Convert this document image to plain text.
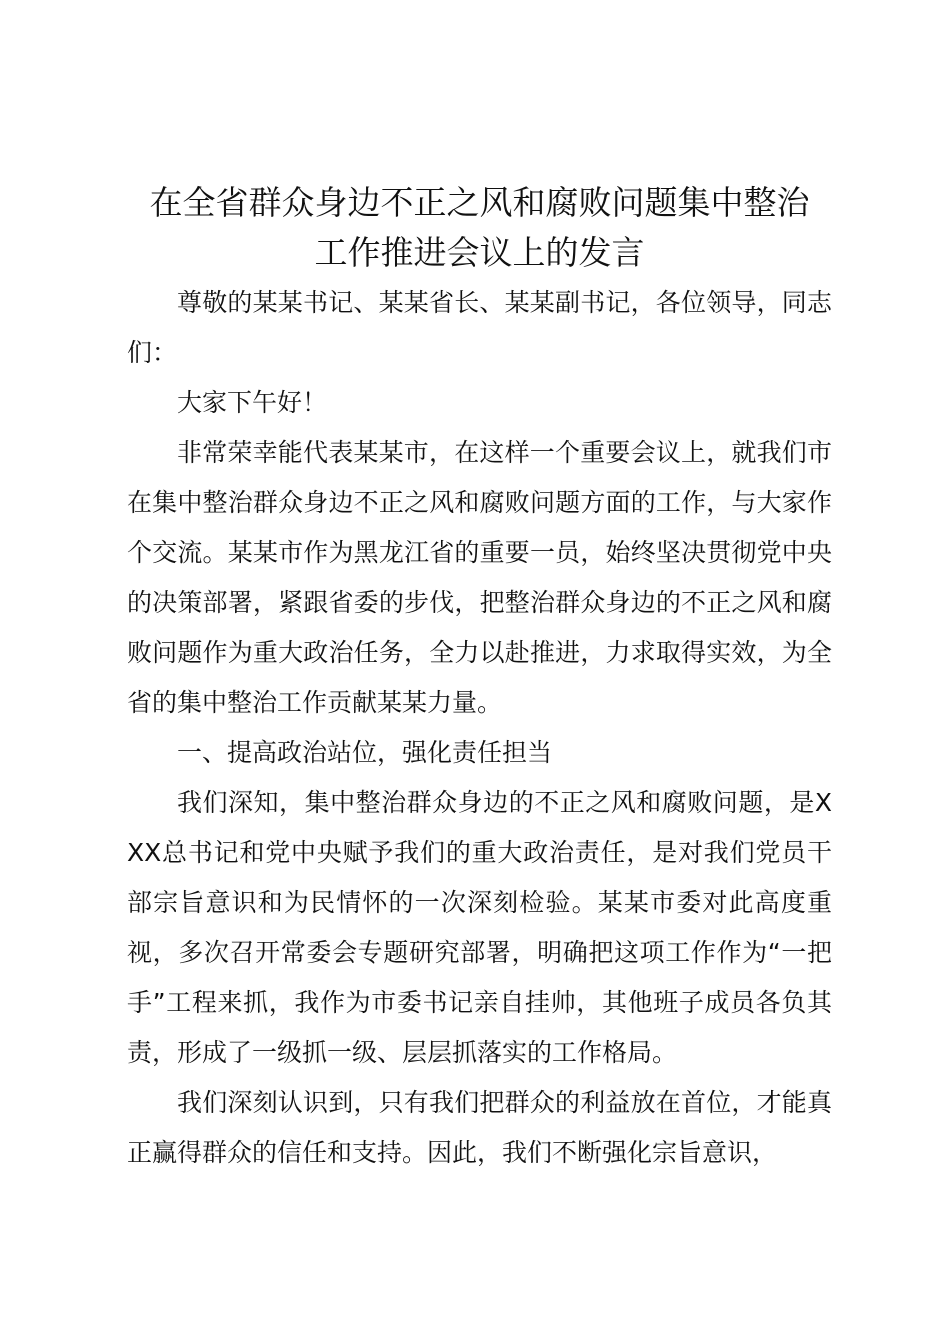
在全省群众身边不正之风和腐败问题集中整治
工作推进会议上的发言

尊敬的某某书记、某某省长、某某副书记，各位领导，同志们：

大家下午好！

非常荣幸能代表某某市，在这样一个重要会议上，就我们市在集中整治群众身边不正之风和腐败问题方面的工作，与大家作个交流。某某市作为黑龙江省的重要一员，始终坚决贯彻党中央的决策部署，紧跟省委的步伐，把整治群众身边的不正之风和腐败问题作为重大政治任务，全力以赴推进，力求取得实效，为全省的集中整治工作贡献某某力量。

一、提高政治站位，强化责任担当

我们深知，集中整治群众身边的不正之风和腐败问题，是XXX总书记和党中央赋予我们的重大政治责任，是对我们党员干部宗旨意识和为民情怀的一次深刻检验。某某市委对此高度重视，多次召开常委会专题研究部署，明确把这项工作作为“一把手”工程来抓，我作为市委书记亲自挂帅，其他班子成员各负其责，形成了一级抓一级、层层抓落实的工作格局。

我们深刻认识到，只有我们把群众的利益放在首位，才能真正赢得群众的信任和支持。因此，我们不断强化宗旨意识，
